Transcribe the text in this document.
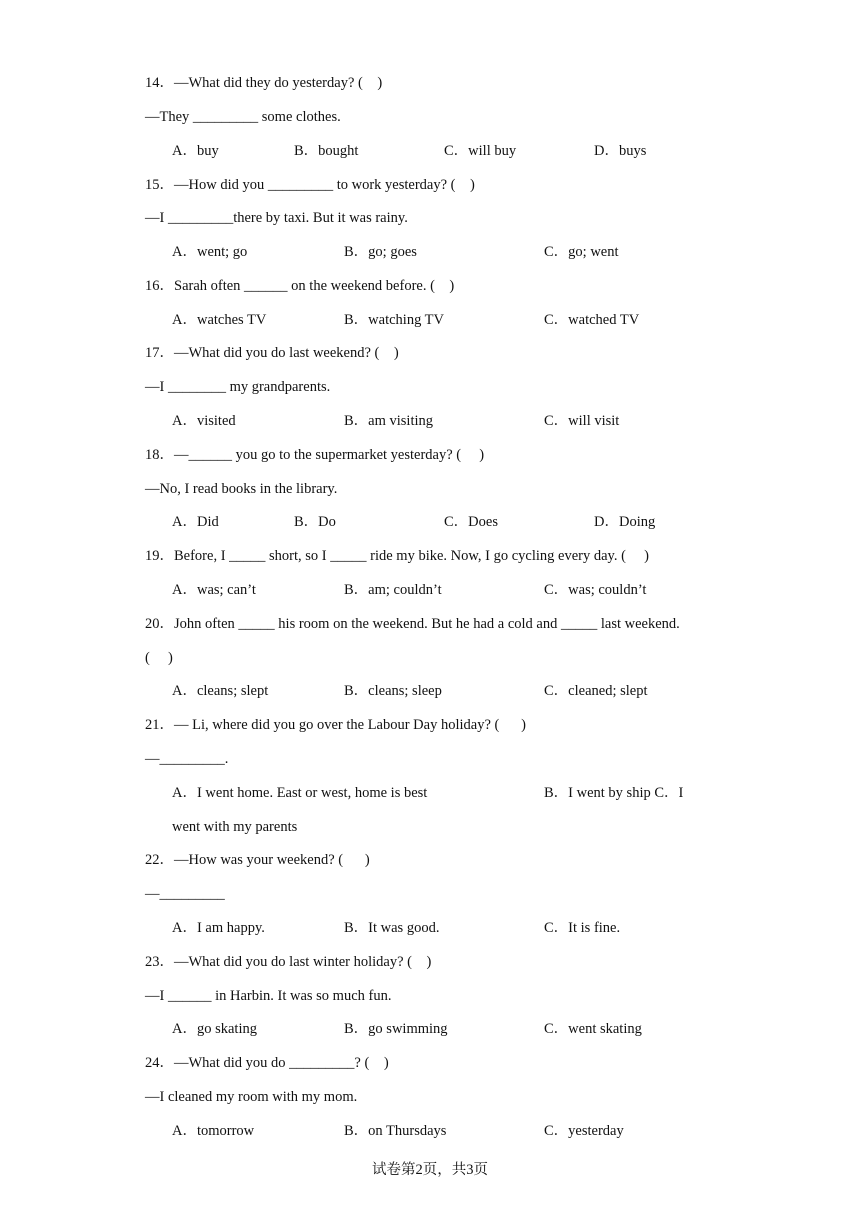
14．—What did they do yesterday? (    )
—They _________ some clothes.
A．buy	B．bought	C．will buy	D．buys
15．—How did you _________ to work yesterday? (    )
—I _________there by taxi. But it was rainy.
A．went; go	B．go; goes	C．go; went
16．Sarah often ______ on the weekend before. (    )
A．watches TV	B．watching TV	C．watched TV
17．—What did you do last weekend? (    )
—I ________ my grandparents.
A．visited	B．am visiting	C．will visit
18．—______ you go to the supermarket yesterday? (     )
—No, I read books in the library.
A．Did	B．Do	C．Does	D．Doing
19．Before, I _____ short, so I _____ ride my bike. Now, I go cycling every day. (     )
A．was; can’t	B．am; couldn’t	C．was; couldn’t
20．John often _____ his room on the weekend. But he had a cold and _____ last weekend.
(     )
A．cleans; slept	B．cleans; sleep	C．cleaned; slept
21．— Li, where did you go over the Labour Day holiday? (      )
—_________.
A．I went home. East or west, home is best	B．I went by ship C．I
went with my parents
22．—How was your weekend? (      )
—_________
A．I am happy.	B．It was good.	C．It is fine.
23．—What did you do last winter holiday? (    )
—I ______ in Harbin. It was so much fun.
A．go skating	B．go swimming	C．went skating
24．—What did you do _________? (    )
—I cleaned my room with my mom.
A．tomorrow	B．on Thursdays	C．yesterday
试卷第2页，共3页
